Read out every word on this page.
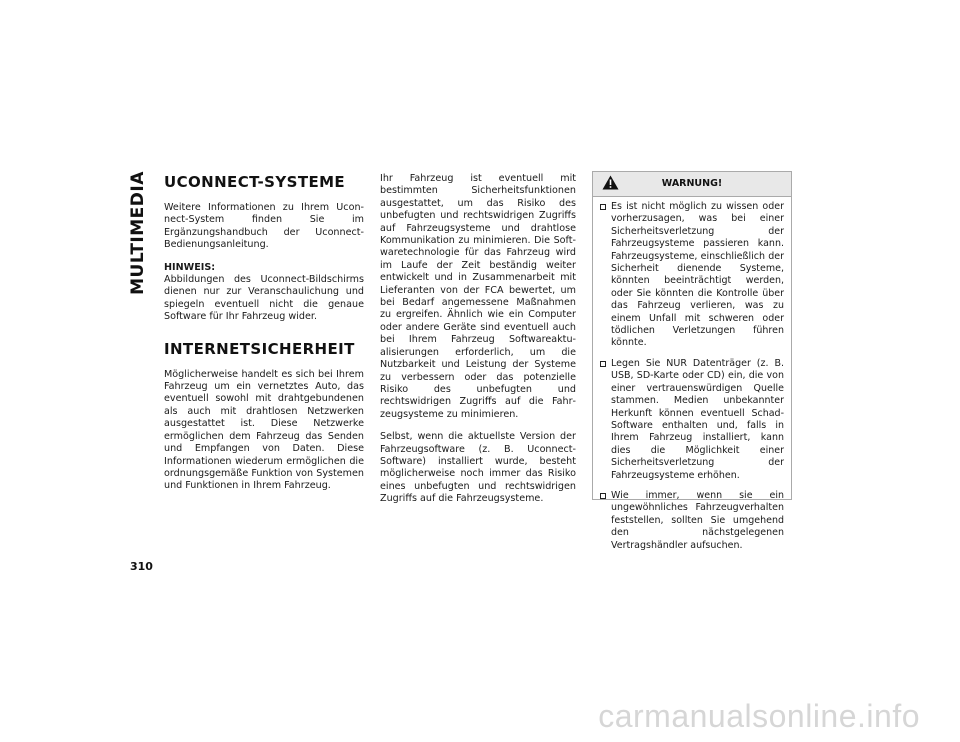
MULTIMEDIA UCONNECT-SYSTEME

Weitere Informationen zu Ihrem Uconnect-System finden Sie im Ergänzungshandbuch der Uconnect-Bedienungsanleitung.

HINWEIS:

Abbildungen des Uconnect-Bildschirms dienen nur zur Veranschaulichung und spiegeln eventuell nicht die genaue Software für Ihr Fahrzeug wider.

INTERNETSICHERHEIT

Möglicherweise handelt es sich bei Ihrem Fahrzeug um ein vernetztes Auto, das eventuell sowohl mit drahtgebundenen als auch mit drahtlosen Netzwerken ausgestattet ist. Diese Netzwerke ermöglichen dem Fahrzeug das Senden und Empfangen von Daten. Diese Informationen wiederum ermöglichen die ordnungsgemäße Funktion von Systemen und Funktionen in Ihrem Fahrzeug.

Ihr Fahrzeug ist eventuell mit bestimmten Sicherheitsfunktionen ausgestattet, um das Risiko des unbefugten und rechtswidrigen Zugriffs auf Fahrzeugsysteme und drahtlose Kommunikation zu minimieren. Die Softwaretechnologie für das Fahrzeug wird im Laufe der Zeit beständig weiter entwickelt und in Zusammenarbeit mit Lieferanten von der FCA bewertet, um bei Bedarf angemessene Maßnahmen zu ergreifen. Ähnlich wie ein Computer oder andere Geräte sind eventuell auch bei Ihrem Fahrzeug Softwareaktualisierungen erforderlich, um die Nutzbarkeit und Leistung der Systeme zu verbessern oder das potenzielle Risiko des unbefugten und rechtswidrigen Zugriffs auf die Fahrzeugsysteme zu minimieren.

Selbst, wenn die aktuellste Version der Fahrzeugsoftware (z. B. Uconnect-Software) installiert wurde, besteht möglicherweise noch immer das Risiko eines unbefugten und rechtswidrigen Zugriffs auf die Fahrzeugsysteme.

WARNUNG!
Es ist nicht möglich zu wissen oder vorherzusagen, was bei einer Sicherheitsverletzung der Fahrzeugsysteme passieren kann. Fahrzeugsysteme, einschließlich der Sicherheit dienende Systeme, könnten beeinträchtigt werden, oder Sie könnten die Kontrolle über das Fahrzeug verlieren, was zu einem Unfall mit schweren oder tödlichen Verletzungen führen könnte.
Legen Sie NUR Datenträger (z. B. USB, SD-Karte oder CD) ein, die von einer vertrauenswürdigen Quelle stammen. Medien unbekannter Herkunft können eventuell Schad-Software enthalten und, falls in Ihrem Fahrzeug installiert, kann dies die Möglichkeit einer Sicherheitsverletzung der Fahrzeugsysteme erhöhen.
Wie immer, wenn sie ein ungewöhnliches Fahrzeugverhalten feststellen, sollten Sie umgehend den nächstgelegenen Vertragshändler aufsuchen.
310
carmanualsonline.info
